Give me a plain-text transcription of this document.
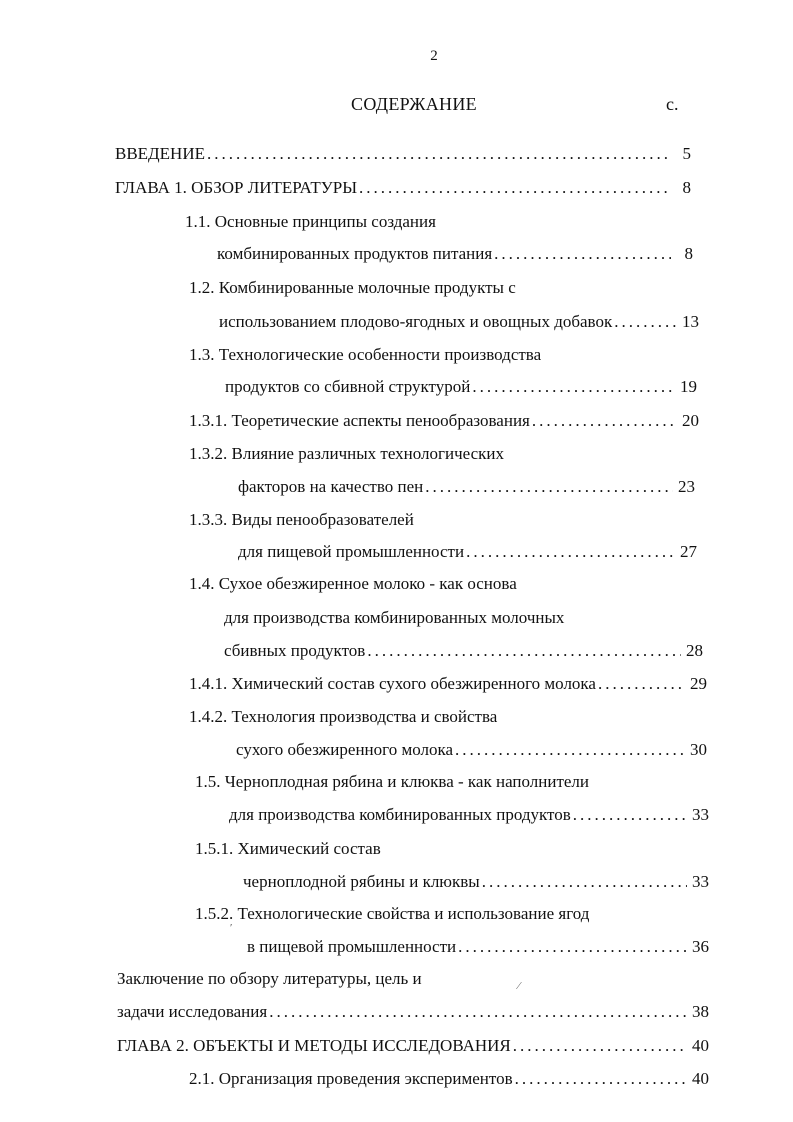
2
СОДЕРЖАНИЕ	с.
ВВЕДЕНИЕ .....	5
ГЛАВА 1. ОБЗОР ЛИТЕРАТУРЫ .....	8
1.1. Основные принципы создания
комбинированных продуктов питания .....	8
1.2. Комбинированные молочные продукты с
использованием плодово-ягодных и овощных добавок .....	13
1.3. Технологические особенности производства
продуктов со сбивной структурой .....	19
1.3.1. Теоретические аспекты пенообразования .....	20
1.3.2. Влияние различных технологических
факторов на качество пен .....	23
1.3.3. Виды пенообразователей
для пищевой промышленности .....	27
1.4. Сухое обезжиренное молоко - как основа
для производства комбинированных молочных
сбивных продуктов .....	28
1.4.1. Химический состав сухого обезжиренного молока .....	29
1.4.2. Технология производства и свойства
сухого обезжиренного молока .....	30
1.5. Черноплодная рябина и клюква - как наполнители
для производства комбинированных продуктов .....	33
1.5.1. Химический состав
черноплодной рябины и клюквы .....	33
1.5.2. Технологические свойства и использование ягод
в пищевой промышленности .....	36
Заключение по обзору литературы, цель и
задачи исследования .....	38
ГЛАВА 2. ОБЪЕКТЫ И МЕТОДЫ ИССЛЕДОВАНИЯ .....	40
2.1. Организация проведения экспериментов .....	40
⁄
′
